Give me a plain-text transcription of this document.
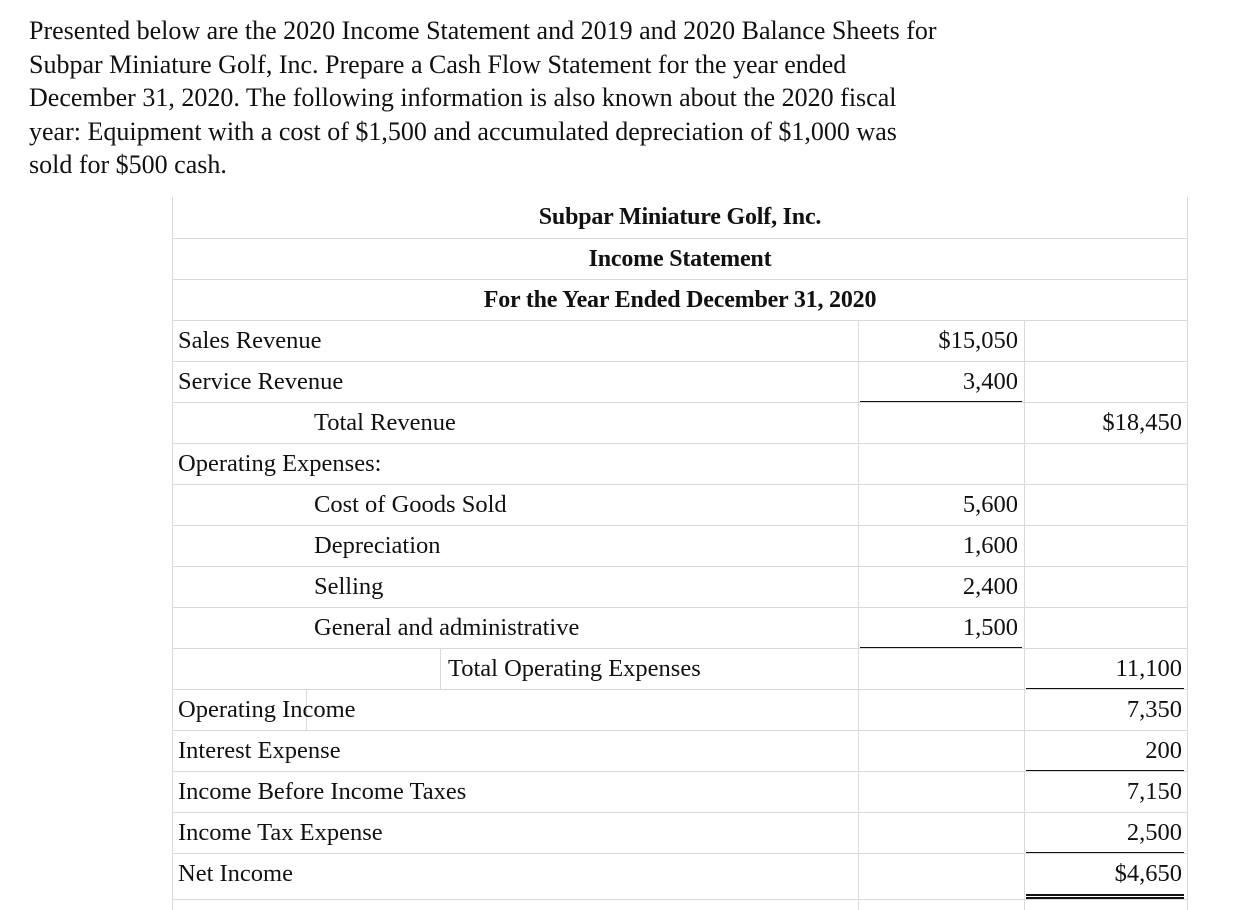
Presented below are the 2020 Income Statement and 2019 and 2020 Balance Sheets for
Subpar Miniature Golf, Inc. Prepare a Cash Flow Statement for the year ended
December 31, 2020. The following information is also known about the 2020 fiscal
year: Equipment with a cost of $1,500 and accumulated depreciation of $1,000 was
sold for $500 cash.
Subpar Miniature Golf, Inc.
Income Statement
For the Year Ended December 31, 2020
Sales Revenue	$15,050
Service Revenue	3,400
Total Revenue	$18,450
Operating Expenses:
Cost of Goods Sold	5,600
Depreciation	1,600
Selling	2,400
General and administrative	1,500
Total Operating Expenses	11,100
Operating Income	7,350
Interest Expense	200
Income Before Income Taxes	7,150
Income Tax Expense	2,500
Net Income	$4,650
